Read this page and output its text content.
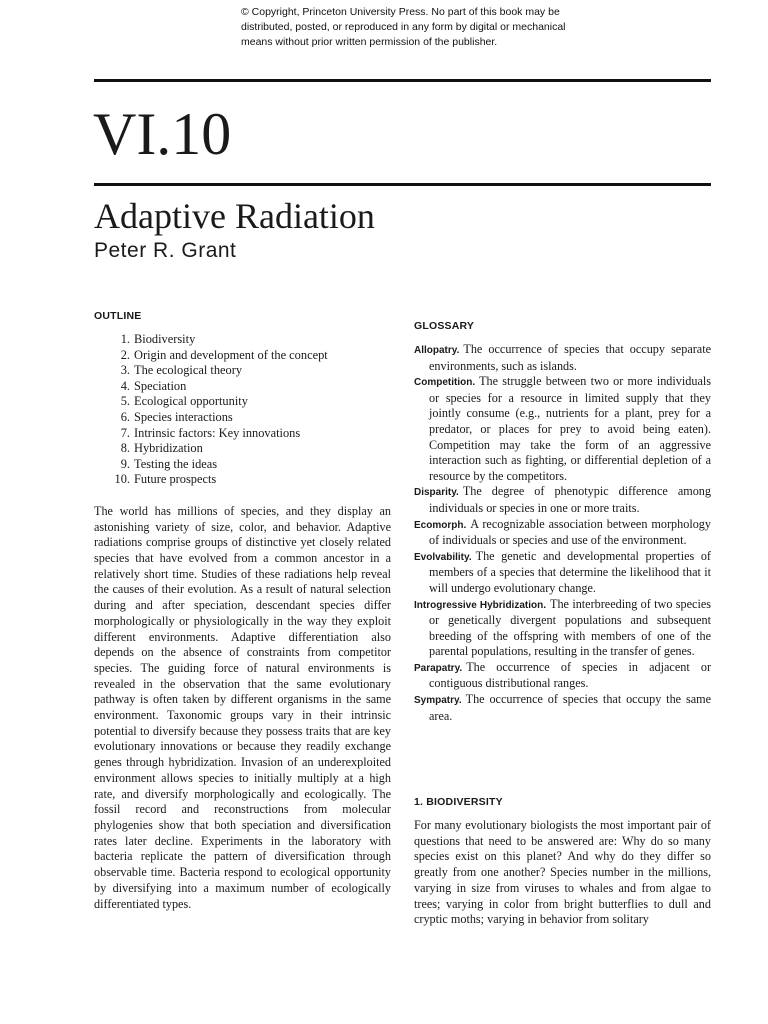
© Copyright, Princeton University Press. No part of this book may be
distributed, posted, or reproduced in any form by digital or mechanical
means without prior written permission of the publisher.
VI.10
Adaptive Radiation
Peter R. Grant
OUTLINE
1. Biodiversity
2. Origin and development of the concept
3. The ecological theory
4. Speciation
5. Ecological opportunity
6. Species interactions
7. Intrinsic factors: Key innovations
8. Hybridization
9. Testing the ideas
10. Future prospects

The world has millions of species, and they display an astonishing variety of size, color, and behavior. Adaptive radiations comprise groups of distinctive yet closely related species that have evolved from a common ancestor in a relatively short time. Studies of these radiations help reveal the causes of their evolution. As a result of natural selection during and after speciation, descendant species differ morphologically or physiologically in the way they exploit different environments. Adaptive differentiation also depends on the absence of constraints from competitor species. The guiding force of natural environments is revealed in the observation that the same evolutionary pathway is often taken by different organisms in the same environment. Taxonomic groups vary in their intrinsic potential to diversify because they possess traits that are key evolutionary innovations or because they readily exchange genes through hybridization. Invasion of an underexploited environment allows species to initially multiply at a high rate, and diversify morphologically and ecologically. The fossil record and reconstructions from molecular phylogenies show that both speciation and diversification rates later decline. Experiments in the laboratory with bacteria replicate the pattern of diversification through observable time. Bacteria respond to ecological opportunity by diversifying into a maximum number of ecologically differentiated types.

GLOSSARY

Allopatry. The occurrence of species that occupy separate environments, such as islands.

Competition. The struggle between two or more individuals or species for a resource in limited supply that they jointly consume (e.g., nutrients for a plant, prey for a predator, or places for prey to avoid being eaten). Competition may take the form of an aggressive interaction such as fighting, or differential depletion of a resource by the competitors.

Disparity. The degree of phenotypic difference among individuals or species in one or more traits.

Ecomorph. A recognizable association between morphology of individuals or species and use of the environment.

Evolvability. The genetic and developmental properties of members of a species that determine the likelihood that it will undergo evolutionary change.

Introgressive Hybridization. The interbreeding of two species or genetically divergent populations and subsequent breeding of the offspring with members of one of the parental populations, resulting in the transfer of genes.

Parapatry. The occurrence of species in adjacent or contiguous distributional ranges.

Sympatry. The occurrence of species that occupy the same area.

1. BIODIVERSITY

For many evolutionary biologists the most important pair of questions that need to be answered are: Why do so many species exist on this planet? And why do they differ so greatly from one another? Species number in the millions, varying in size from viruses to whales and from algae to trees; varying in color from bright butterflies to dull and cryptic moths; varying in behavior from solitary
